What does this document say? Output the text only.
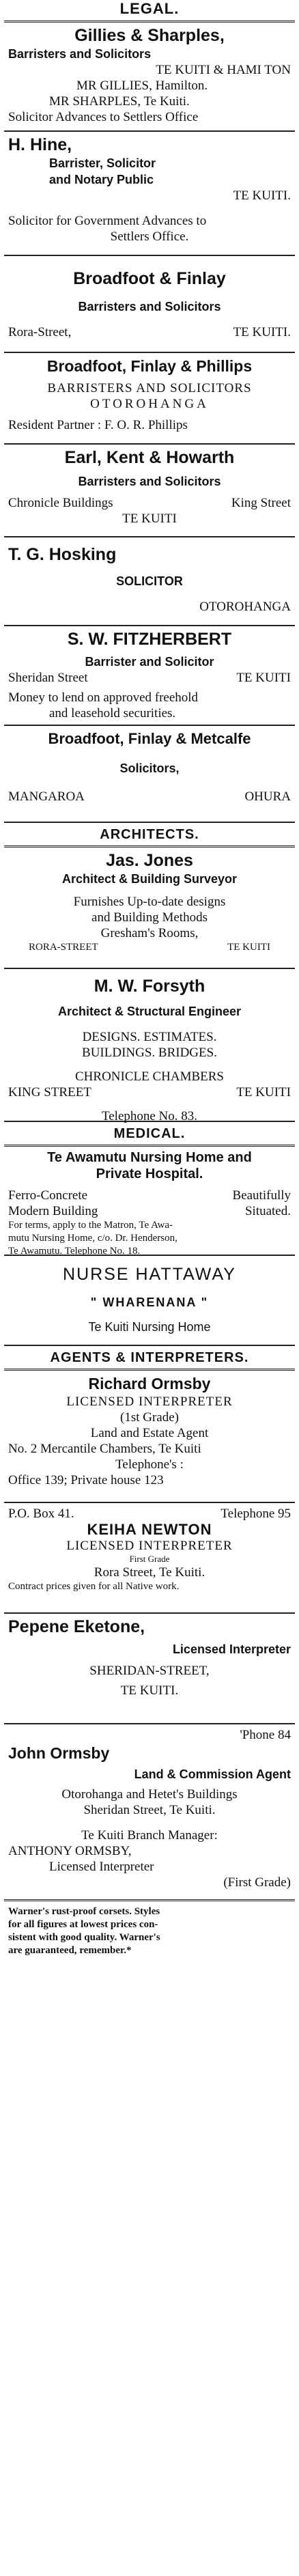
LEGAL.
Gillies & Sharples,
Barristers and Solicitors
TE KUITI & HAMI TON
MR GILLIES, Hamilton.
MR SHARPLES, Te Kuiti.
Solicitor Advances to Settlers Office
H. Hine,
Barrister, Solicitor
and Notary Public
TE KUITI.
Solicitor for Government Advances to
Settlers Office.
Broadfoot & Finlay
Barristers and Solicitors
Rora-Street,	TE KUITI.
Broadfoot, Finlay & Phillips
BARRISTERS AND SOLICITORS
OTOROHANGA
Resident Partner : F. O. R. Phillips
Earl, Kent & Howarth
Barristers and Solicitors
Chronicle Buildings	King Street
TE KUITI
T. G. Hosking
SOLICITOR
OTOROHANGA
S. W. FITZHERBERT
Barrister and Solicitor
Sheridan Street	TE KUITI
Money to lend on approved freehold
and leasehold securities.
Broadfoot, Finlay & Metcalfe
Solicitors,
MANGAROA	OHURA
ARCHITECTS.
Jas. Jones
Architect & Building Surveyor
Furnishes Up-to-date designs
and Building Methods
Gresham's Rooms,
RORA-STREET	TE KUITI
M. W. Forsyth
Architect & Structural Engineer
DESIGNS. ESTIMATES.
BUILDINGS. BRIDGES.
CHRONICLE CHAMBERS
KING STREET	TE KUITI
Telephone No. 83.
MEDICAL.
Te Awamutu Nursing Home and
Private Hospital.
Ferro-Concrete	Beautifully
Modern Building	Situated.
For terms, apply to the Matron, Te Awa-
mutu Nursing Home, c/o. Dr. Henderson,
Te Awamutu. Telephone No. 18.
NURSE HATTAWAY
" WHARENANA "
Te Kuiti Nursing Home
AGENTS & INTERPRETERS.
Richard Ormsby
LICENSED INTERPRETER
(1st Grade)
Land and Estate Agent
No. 2 Mercantile Chambers, Te Kuiti
Telephone's :
Office 139; Private house 123
P.O. Box 41.	Telephone 95
KEIHA NEWTON
LICENSED INTERPRETER
First Grade
Rora Street, Te Kuiti.
Contract prices given for all Native work.
Pepene Eketone,
Licensed Interpreter
SHERIDAN-STREET,
TE KUITI.
'Phone 84
John Ormsby
Land & Commission Agent
Otorohanga and Hetet's Buildings
Sheridan Street, Te Kuiti.
Te Kuiti Branch Manager:
ANTHONY ORMSBY,
Licensed Interpreter
(First Grade)
Warner's rust-proof corsets. Styles
for all figures at lowest prices con-
sistent with good quality. Warner's
are guaranteed, remember.*
